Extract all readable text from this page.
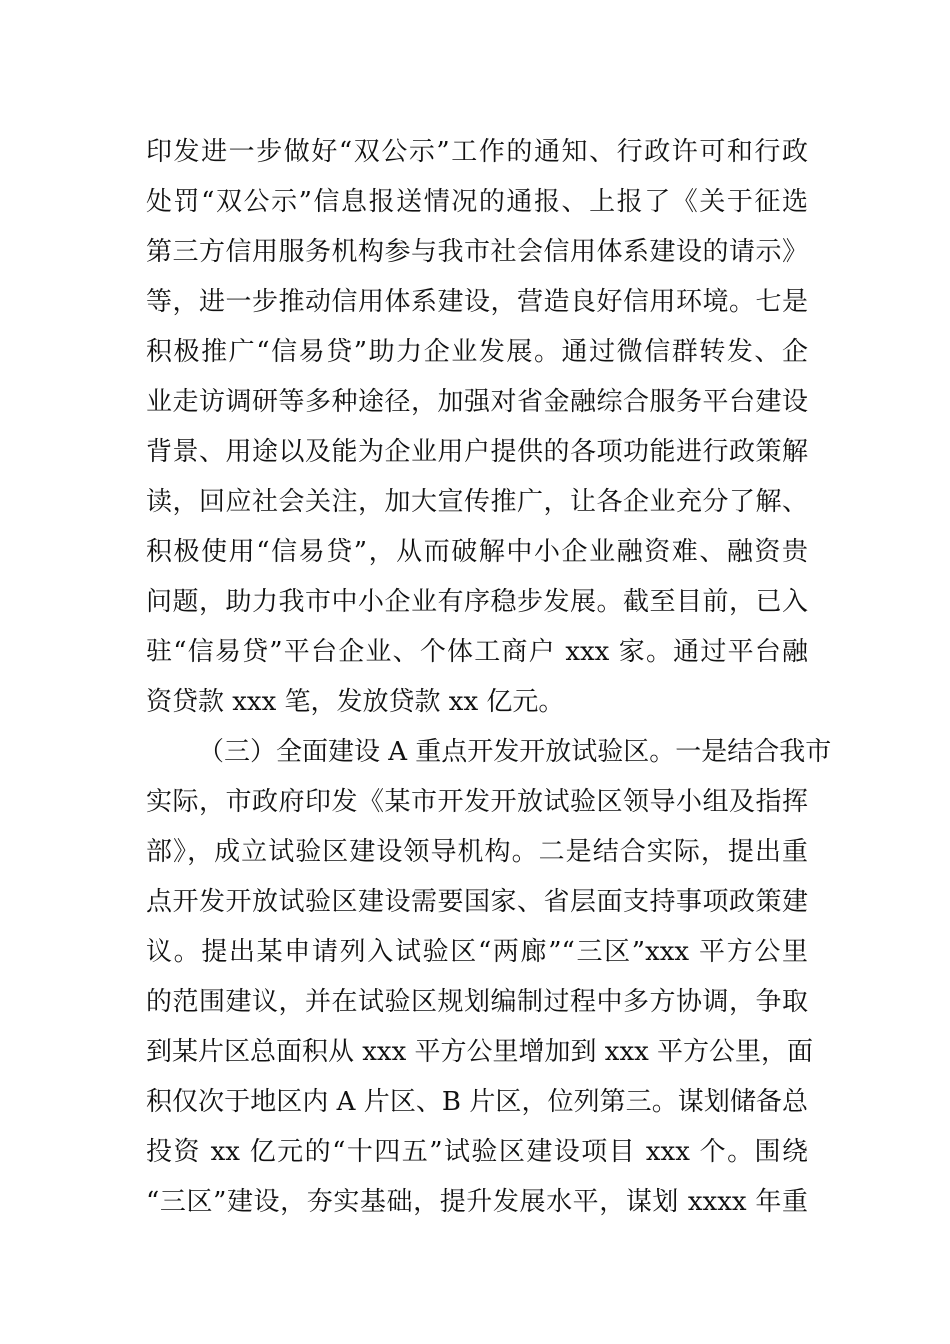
印发进一步做好“双公示”工作的通知、行政许可和行政
处罚“双公示”信息报送情况的通报、上报了《关于征选
第三方信用服务机构参与我市社会信用体系建设的请示》
等，进一步推动信用体系建设，营造良好信用环境。七是
积极推广“信易贷”助力企业发展。通过微信群转发、企
业走访调研等多种途径，加强对省金融综合服务平台建设
背景、用途以及能为企业用户提供的各项功能进行政策解
读，回应社会关注，加大宣传推广，让各企业充分了解、
积极使用“信易贷”，从而破解中小企业融资难、融资贵
问题，助力我市中小企业有序稳步发展。截至目前，已入
驻“信易贷”平台企业、个体工商户 xxx 家。通过平台融
资贷款 xxx 笔，发放贷款 xx 亿元。
（三）全面建设 A 重点开发开放试验区。一是结合我市
实际，市政府印发《某市开发开放试验区领导小组及指挥
部》，成立试验区建设领导机构。二是结合实际，提出重
点开发开放试验区建设需要国家、省层面支持事项政策建
议。提出某申请列入试验区“两廊”“三区”xxx 平方公里
的范围建议，并在试验区规划编制过程中多方协调，争取
到某片区总面积从 xxx 平方公里增加到 xxx 平方公里，面
积仅次于地区内 A 片区、B 片区，位列第三。谋划储备总
投资 xx 亿元的“十四五”试验区建设项目 xxx 个。围绕
“三区”建设，夯实基础，提升发展水平，谋划 xxxx 年重
